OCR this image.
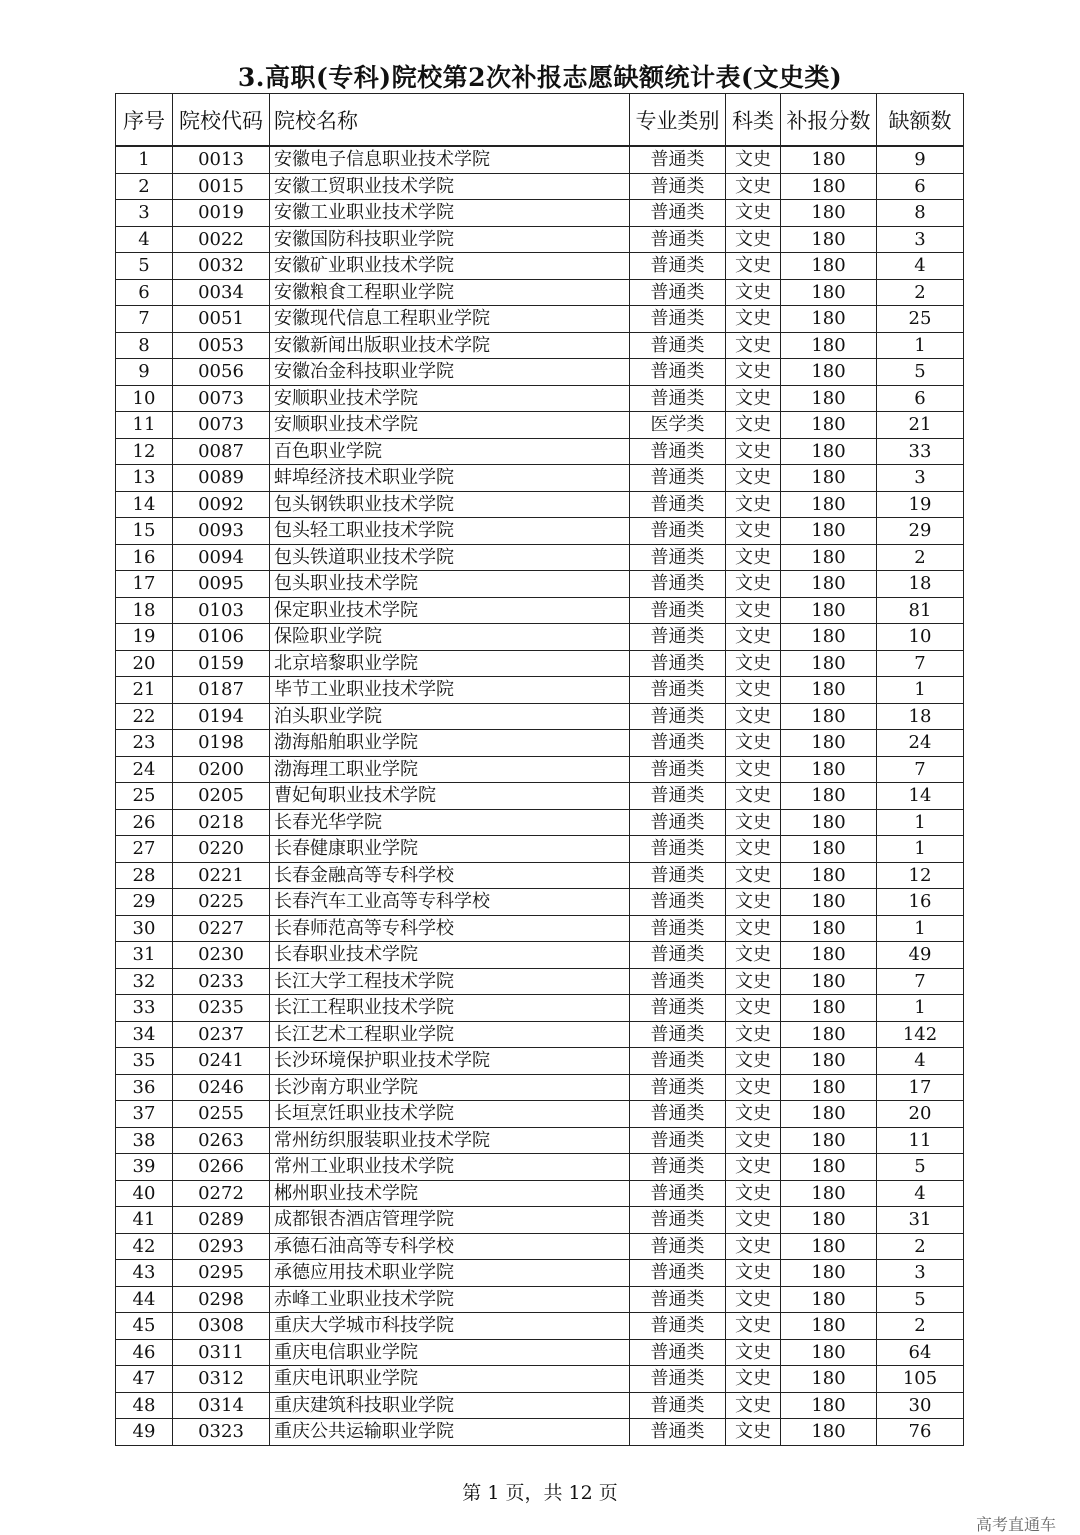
3.高职(专科)院校第2次补报志愿缺额统计表(文史类)
序号	院校代码	院校名称	专业类别	科类	补报分数	缺额数
1	0013	安徽电子信息职业技术学院	普通类	文史	180	9
2	0015	安徽工贸职业技术学院	普通类	文史	180	6
3	0019	安徽工业职业技术学院	普通类	文史	180	8
4	0022	安徽国防科技职业学院	普通类	文史	180	3
5	0032	安徽矿业职业技术学院	普通类	文史	180	4
6	0034	安徽粮食工程职业学院	普通类	文史	180	2
7	0051	安徽现代信息工程职业学院	普通类	文史	180	25
8	0053	安徽新闻出版职业技术学院	普通类	文史	180	1
9	0056	安徽冶金科技职业学院	普通类	文史	180	5
10	0073	安顺职业技术学院	普通类	文史	180	6
11	0073	安顺职业技术学院	医学类	文史	180	21
12	0087	百色职业学院	普通类	文史	180	33
13	0089	蚌埠经济技术职业学院	普通类	文史	180	3
14	0092	包头钢铁职业技术学院	普通类	文史	180	19
15	0093	包头轻工职业技术学院	普通类	文史	180	29
16	0094	包头铁道职业技术学院	普通类	文史	180	2
17	0095	包头职业技术学院	普通类	文史	180	18
18	0103	保定职业技术学院	普通类	文史	180	81
19	0106	保险职业学院	普通类	文史	180	10
20	0159	北京培黎职业学院	普通类	文史	180	7
21	0187	毕节工业职业技术学院	普通类	文史	180	1
22	0194	泊头职业学院	普通类	文史	180	18
23	0198	渤海船舶职业学院	普通类	文史	180	24
24	0200	渤海理工职业学院	普通类	文史	180	7
25	0205	曹妃甸职业技术学院	普通类	文史	180	14
26	0218	长春光华学院	普通类	文史	180	1
27	0220	长春健康职业学院	普通类	文史	180	1
28	0221	长春金融高等专科学校	普通类	文史	180	12
29	0225	长春汽车工业高等专科学校	普通类	文史	180	16
30	0227	长春师范高等专科学校	普通类	文史	180	1
31	0230	长春职业技术学院	普通类	文史	180	49
32	0233	长江大学工程技术学院	普通类	文史	180	7
33	0235	长江工程职业技术学院	普通类	文史	180	1
34	0237	长江艺术工程职业学院	普通类	文史	180	142
35	0241	长沙环境保护职业技术学院	普通类	文史	180	4
36	0246	长沙南方职业学院	普通类	文史	180	17
37	0255	长垣烹饪职业技术学院	普通类	文史	180	20
38	0263	常州纺织服装职业技术学院	普通类	文史	180	11
39	0266	常州工业职业技术学院	普通类	文史	180	5
40	0272	郴州职业技术学院	普通类	文史	180	4
41	0289	成都银杏酒店管理学院	普通类	文史	180	31
42	0293	承德石油高等专科学校	普通类	文史	180	2
43	0295	承德应用技术职业学院	普通类	文史	180	3
44	0298	赤峰工业职业技术学院	普通类	文史	180	5
45	0308	重庆大学城市科技学院	普通类	文史	180	2
46	0311	重庆电信职业学院	普通类	文史	180	64
47	0312	重庆电讯职业学院	普通类	文史	180	105
48	0314	重庆建筑科技职业学院	普通类	文史	180	30
49	0323	重庆公共运输职业学院	普通类	文史	180	76
第 1 页，共 12 页
高考直通车
